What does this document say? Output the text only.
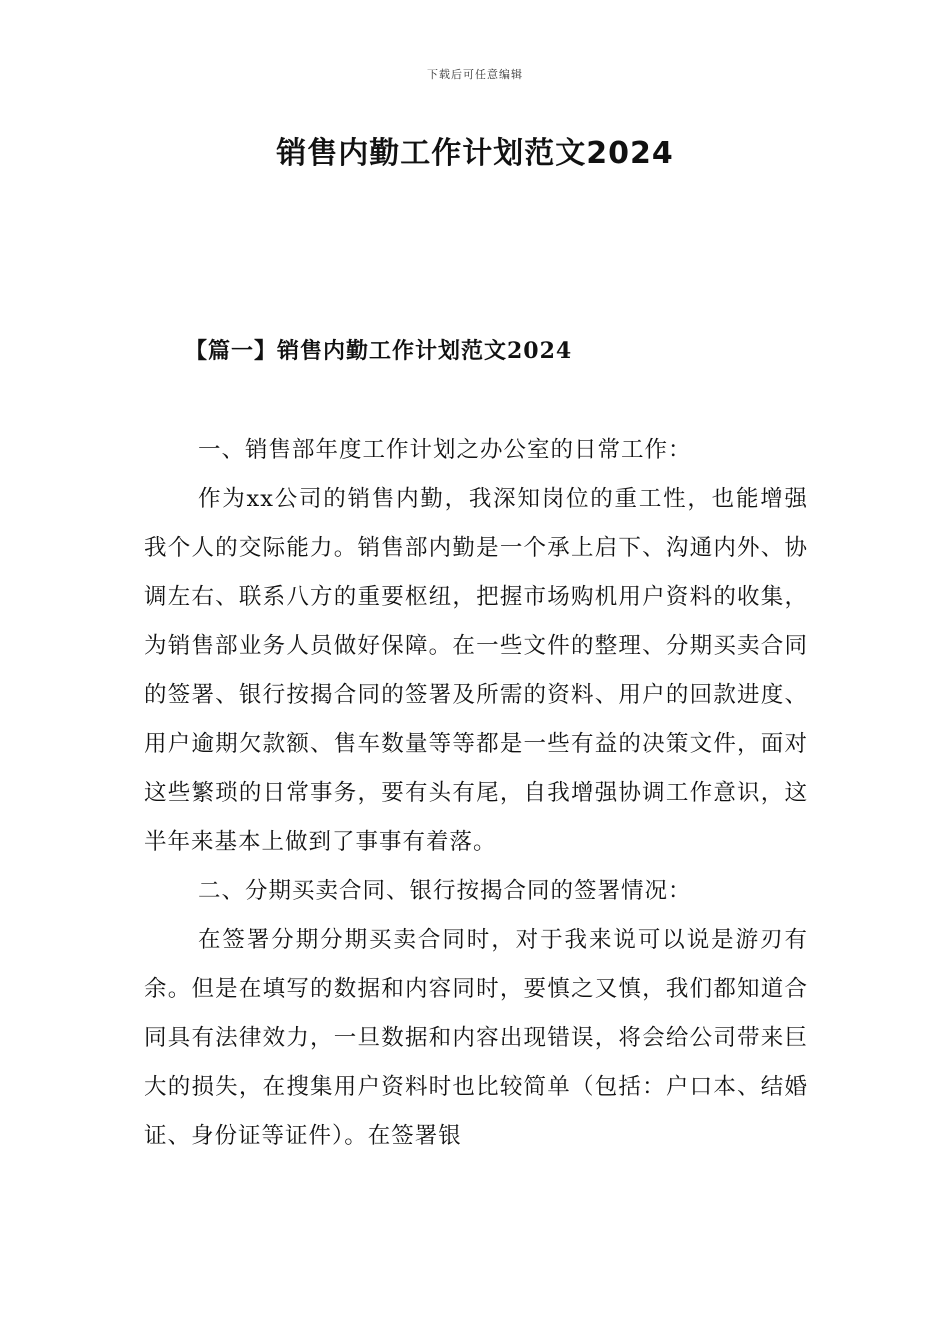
下载后可任意编辑
销售内勤工作计划范文2024
【篇一】销售内勤工作计划范文2024

一、销售部年度工作计划之办公室的日常工作：

作为xx公司的销售内勤，我深知岗位的重工性，也能增强我个人的交际能力。销售部内勤是一个承上启下、沟通内外、协调左右、联系八方的重要枢纽，把握市场购机用户资料的收集，为销售部业务人员做好保障。在一些文件的整理、分期买卖合同的签署、银行按揭合同的签署及所需的资料、用户的回款进度、用户逾期欠款额、售车数量等等都是一些有益的决策文件，面对这些繁琐的日常事务，要有头有尾，自我增强协调工作意识，这半年来基本上做到了事事有着落。

二、分期买卖合同、银行按揭合同的签署情况：

在签署分期分期买卖合同时，对于我来说可以说是游刃有余。但是在填写的数据和内容同时，要慎之又慎，我们都知道合同具有法律效力，一旦数据和内容出现错误，将会给公司带来巨大的损失，在搜集用户资料时也比较简单（包括：户口本、结婚证、身份证等证件）。在签署银
